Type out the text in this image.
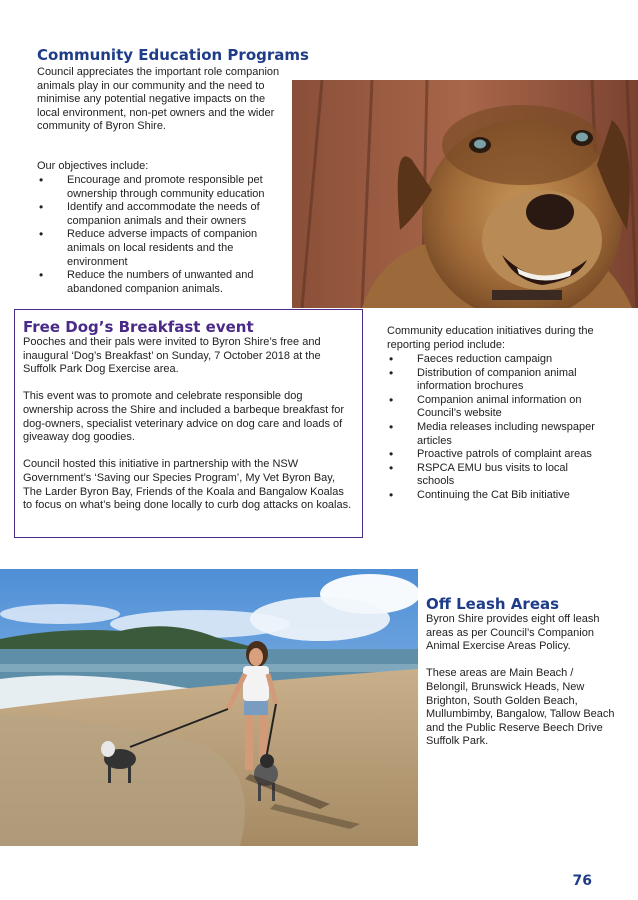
Community Education Programs
Council appreciates the important role companion animals play in our community and the need to minimise any potential negative impacts on the local environment, non-pet owners and the wider community of Byron Shire.
Our objectives include:
• Encourage and promote responsible pet ownership through community education
• Identify and accommodate the needs of companion animals and their owners
• Reduce adverse impacts of companion animals on local residents and the environment
• Reduce the numbers of unwanted and abandoned companion animals.
Free Dog’s Breakfast event

Pooches and their pals were invited to Byron Shire’s free and inaugural ‘Dog’s Breakfast’ on Sunday, 7 October 2018 at the Suffolk Park Dog Exercise area.

This event was to promote and celebrate responsible dog ownership across the Shire and included a barbeque breakfast for dog-owners, specialist veterinary advice on dog care and loads of giveaway dog goodies.

Council hosted this initiative in partnership with the NSW Government’s ‘Saving our Species Program’, My Vet Byron Bay, The Larder Byron Bay, Friends of the Koala and Bangalow Koalas to focus on what’s being done locally to curb dog attacks on koalas.

Community education initiatives during the reporting period include:
• Faeces reduction campaign
• Distribution of companion animal information brochures
• Companion animal information on Council’s website
• Media releases including newspaper articles
• Proactive patrols of complaint areas
• RSPCA EMU bus visits to local schools
• Continuing the Cat Bib initiative
Off Leash Areas

Byron Shire provides eight off leash areas as per Council’s Companion Animal Exercise Areas Policy.

These areas are Main Beach / Belongil, Brunswick Heads, New Brighton, South Golden Beach, Mullumbimby, Bangalow, Tallow Beach and the Public Reserve Beech Drive Suffolk Park.

76
